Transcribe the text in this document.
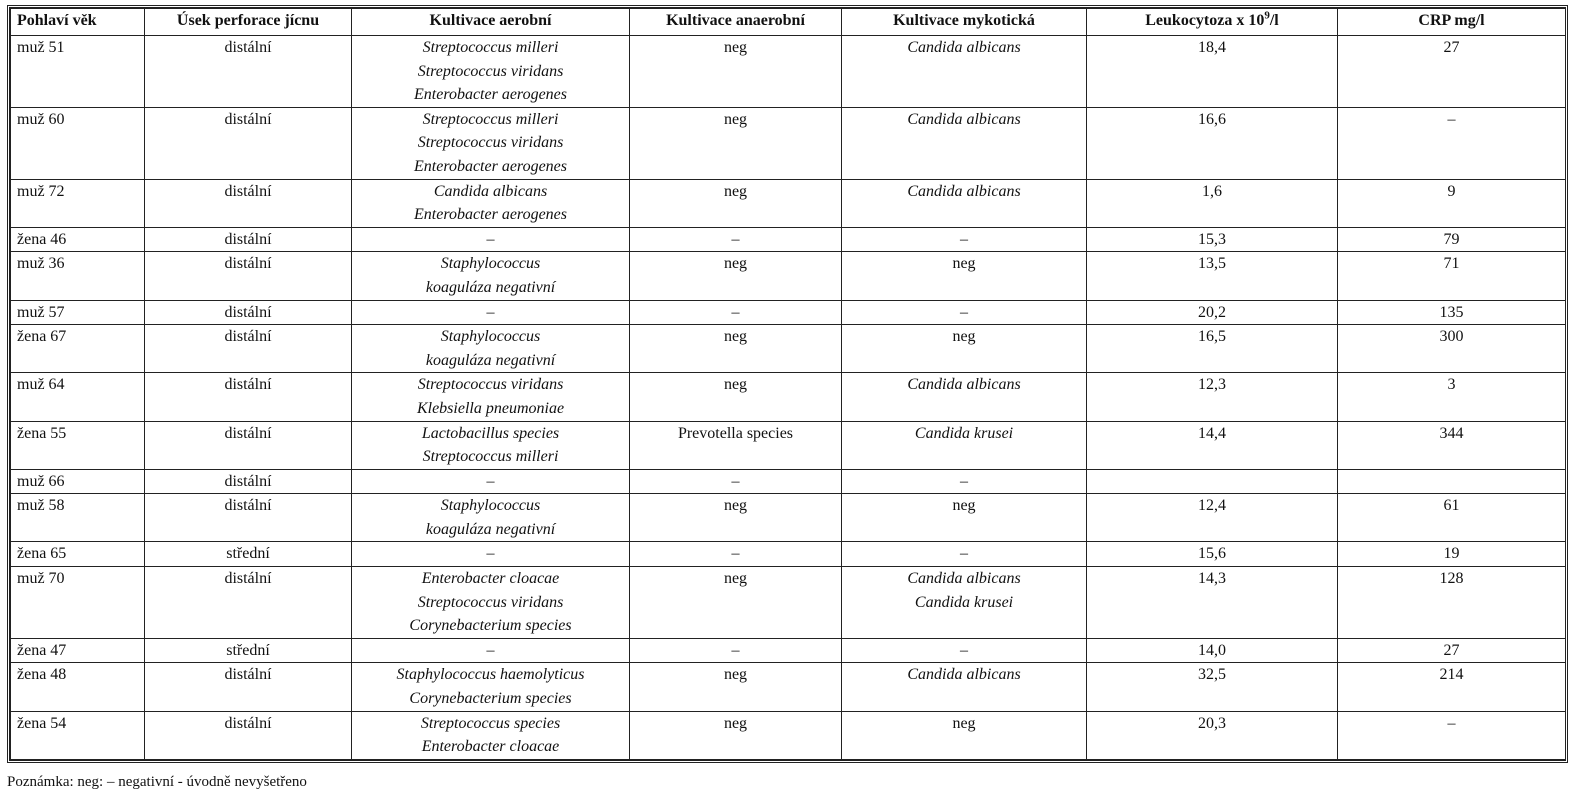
Pohlaví věk	Úsek perforace jícnu	Kultivace aerobní	Kultivace anaerobní	Kultivace mykotická	Leukocytoza x $10^9/l$	CRP mg/l
muž 51	distální	Streptococcus milleri
Streptococcus viridans
Enterobacter aerogenes	neg	Candida albicans	18,4	27
muž 60	distální	Streptococcus milleri
Streptococcus viridans
Enterobacter aerogenes	neg	Candida albicans	16,6	–
muž 72	distální	Candida albicans
Enterobacter aerogenes	neg	Candida albicans	1,6	9
žena 46	distální	–	–	–	15,3	79
muž 36	distální	Staphylococcus
koaguláza negativní	neg	neg	13,5	71
muž 57	distální	–	–	–	20,2	135
žena 67	distální	Staphylococcus
koaguláza negativní	neg	neg	16,5	300
muž 64	distální	Streptococcus viridans
Klebsiella pneumoniae	neg	Candida albicans	12,3	3
žena 55	distální	Lactobacillus species
Streptococcus milleri	Prevotella species	Candida krusei	14,4	344
muž 66	distální	–	–	–		

muž 58	distální	Staphylococcus
koaguláza negativní	neg	neg	12,4	61
žena 65	střední	–	–	–	15,6	19
muž 70	distální	Enterobacter cloacae
Streptococcus viridans
Corynebacterium species	neg	Candida albicans
Candida krusei	14,3	128
žena 47	střední	–	–	–	14,0	27
žena 48	distální	Staphylococcus haemolyticus
Corynebacterium species	neg	Candida albicans	32,5	214
žena 54	distální	Streptococcus species
Enterobacter cloacae	neg	neg	20,3	–
Poznámka: neg: – negativní - úvodně nevyšetřeno
